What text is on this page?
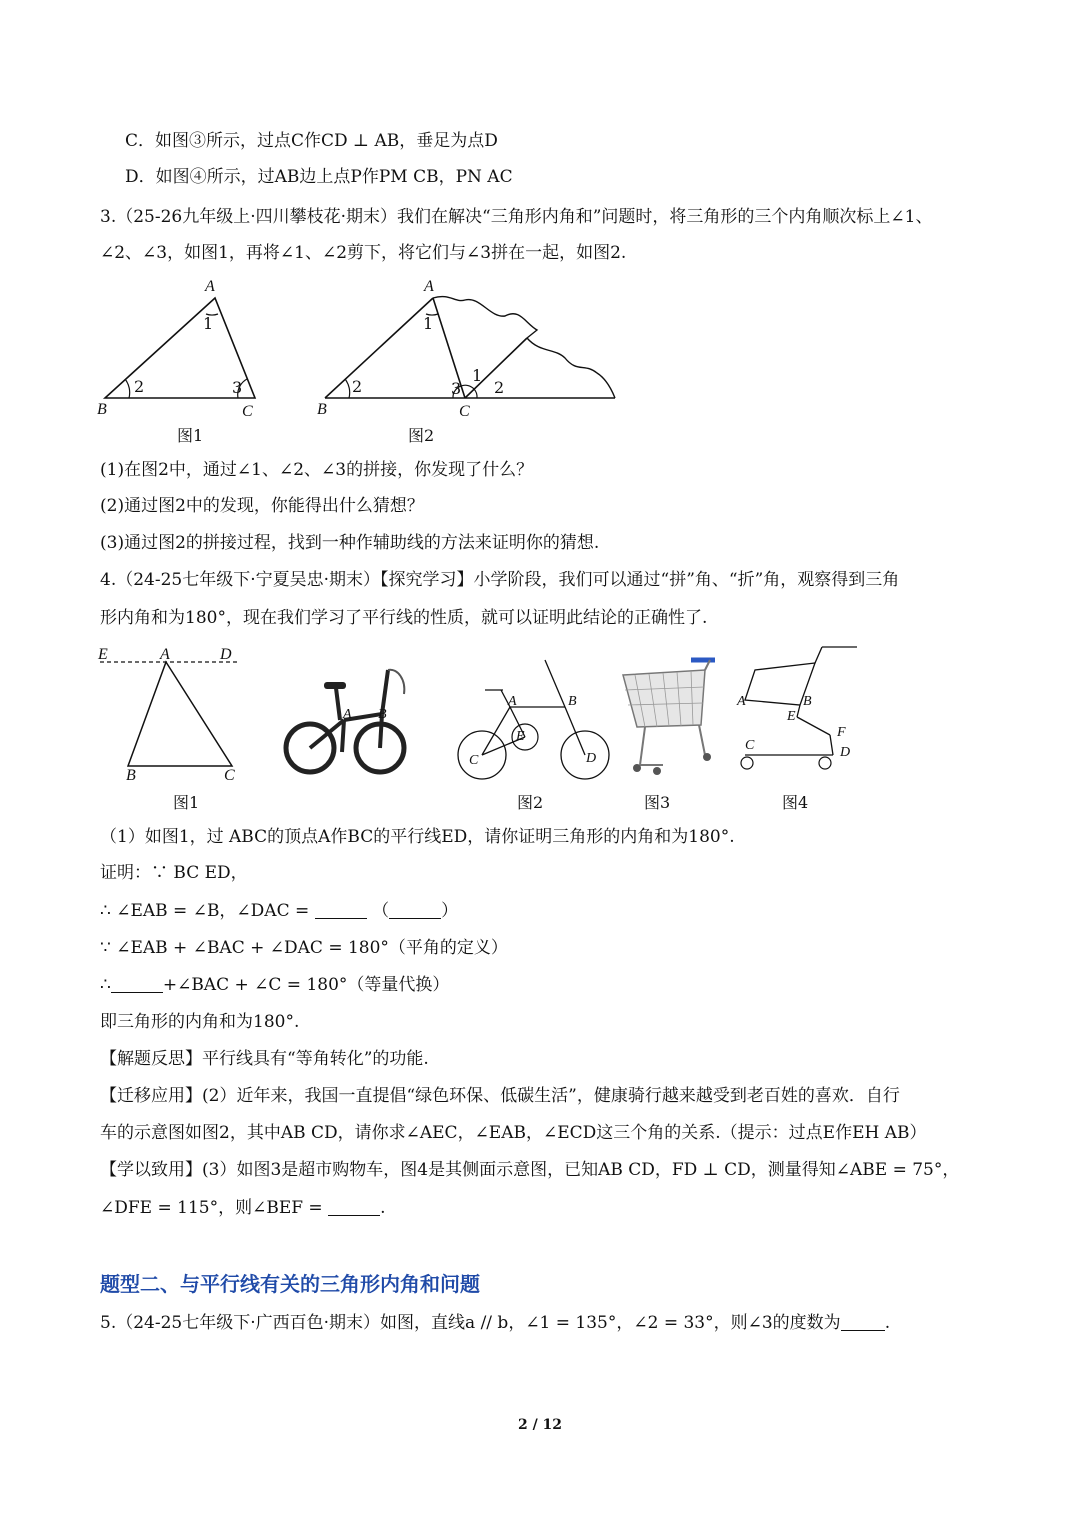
C．如图③所示，过点C作CD ⊥ AB，垂足为点D
D．如图④所示，过AB边上点P作PM CB，PN AC
3.（25-26九年级上·四川攀枝花·期末）我们在解决“三角形内角和”问题时，将三角形的三个内角顺次标上∠1、
∠2、∠3，如图1，再将∠1、∠2剪下，将它们与∠3拼在一起，如图2.
A
B	C
1
2	3
图1
A
B	C
1
2	3
1
2
图2
(1)在图2中，通过∠1、∠2、∠3的拼接，你发现了什么？
(2)通过图2中的发现，你能得出什么猜想？
(3)通过图2的拼接过程，找到一种作辅助线的方法来证明你的猜想.
4.（24-25七年级下·宁夏吴忠·期末）【探究学习】小学阶段，我们可以通过“拼”角、“折”角，观察得到三角
形内角和为180°，现在我们学习了平行线的性质，就可以证明此结论的正确性了.
E	A	D
B	C
图1
A B
A	B
E
C	D
图2	图3
A	B
E
F
C	D
图4
（1）如图1，过 ABC的顶点A作BC的平行线ED，请你证明三角形的内角和为180°.
证明：∵ BC ED，
∴ ∠EAB = ∠B，∠DAC =	（	）
∵ ∠EAB + ∠BAC + ∠DAC = 180°（平角的定义）
∴	+∠BAC + ∠C = 180°（等量代换）
即三角形的内角和为180°.
【解题反思】平行线具有“等角转化”的功能.
【迁移应用】(2）近年来，我国一直提倡“绿色环保、低碳生活”，健康骑行越来越受到老百姓的喜欢．自行
车的示意图如图2，其中AB CD，请你求∠AEC，∠EAB，∠ECD这三个角的关系.（提示：过点E作EH AB）
【学以致用】(3）如图3是超市购物车，图4是其侧面示意图，已知AB CD，FD ⊥ CD，测量得知∠ABE = 75°，
∠DFE = 115°，则∠BEF =	.
题型二、与平行线有关的三角形内角和问题
5.（24-25七年级下·广西百色·期末）如图，直线a // b，∠1 = 135°，∠2 = 33°，则∠3的度数为	.
2 / 12
